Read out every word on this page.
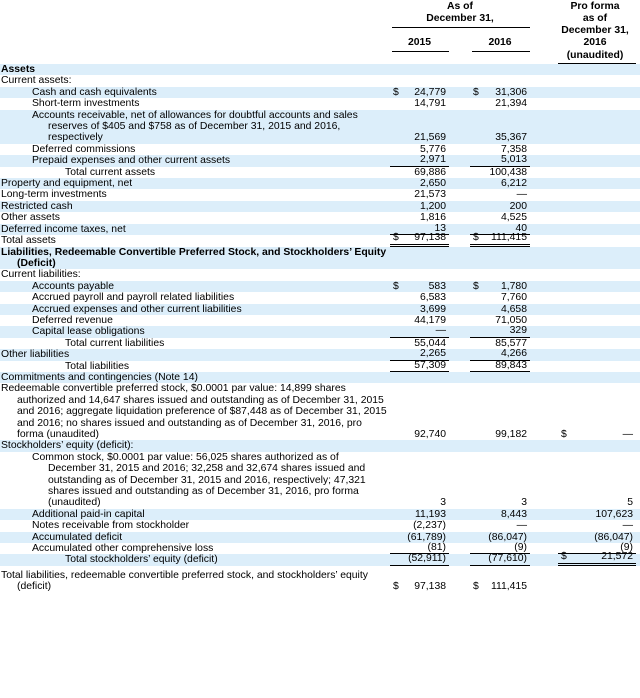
As of
December 31,
2015	2016
Pro forma
as of
December 31,
2016
(unaudited)
Assets
Current assets:
Cash and cash equivalents	$ 24,779	$ 31,306
Short-term investments	14,791	21,394
Accounts receivable, net of allowances for doubtful accounts and sales reserves of $405 and $758 as of December 31, 2015 and 2016, respectively	21,569	35,367
Deferred commissions	5,776	7,358
Prepaid expenses and other current assets	2,971	5,013
Total current assets	69,886	100,438
Property and equipment, net	2,650	6,212
Long-term investments	21,573	—
Restricted cash	1,200	200
Other assets	1,816	4,525
Deferred income taxes, net	13	40
Total assets	$ 97,138	$ 111,415
Liabilities, Redeemable Convertible Preferred Stock, and Stockholders’ Equity (Deficit)
Current liabilities:
Accounts payable	$	583	$ 1,780
Accrued payroll and payroll related liabilities	6,583	7,760
Accrued expenses and other current liabilities	3,699	4,658
Deferred revenue	44,179	71,050
Capital lease obligations	—	329
Total current liabilities	55,044	85,577
Other liabilities	2,265	4,266
Total liabilities	57,309	89,843
Commitments and contingencies (Note 14)
Redeemable convertible preferred stock, $0.0001 par value: 14,899 shares authorized and 14,647 shares issued and outstanding as of December 31, 2015 and 2016; aggregate liquidation preference of $87,448 as of December 31, 2015 and 2016; no shares issued and outstanding as of December 31, 2016, pro forma (unaudited)	92,740	99,182	$	—
Stockholders’ equity (deficit):
Common stock, $0.0001 par value: 56,025 shares authorized as of December 31, 2015 and 2016; 32,258 and 32,674 shares issued and outstanding as of December 31, 2015 and 2016, respectively; 47,321 shares issued and outstanding as of December 31, 2016, pro forma (unaudited)	3	3	5
Additional paid-in capital	11,193	8,443	107,623
Notes receivable from stockholder	(2,237)	—	—
Accumulated deficit	(61,789)	(86,047)	(86,047)
Accumulated other comprehensive loss	(81)	(9)	(9)
Total stockholders’ equity (deficit)	(52,911)	(77,610)	$	21,572
Total liabilities, redeemable convertible preferred stock, and stockholders’ equity (deficit)	$ 97,138	$ 111,415
